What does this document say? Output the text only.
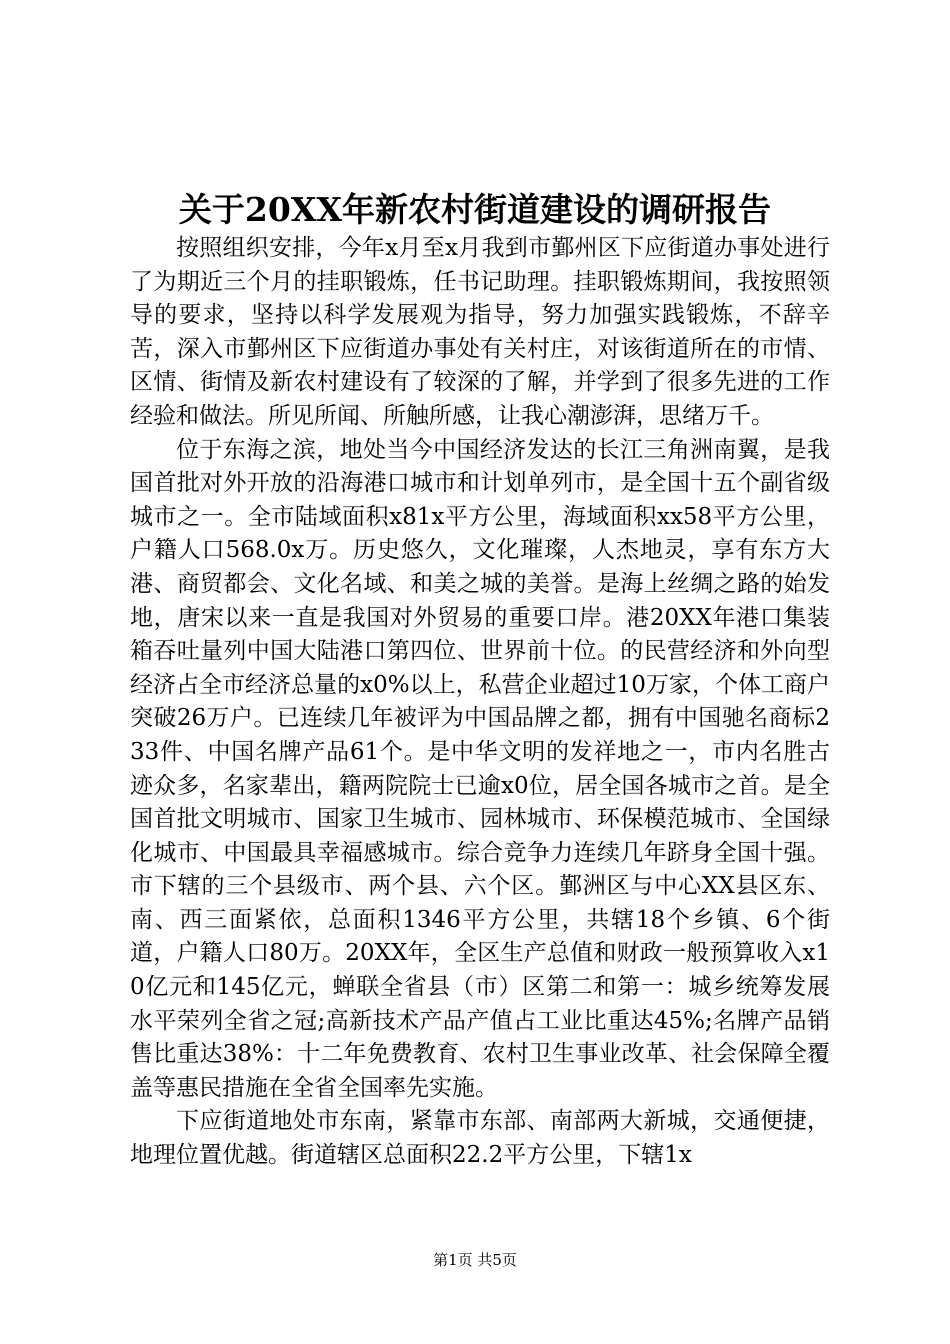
关于20XX年新农村街道建设的调研报告

按照组织安排，今年x月至x月我到市鄞州区下应街道办事处进行了为期近三个月的挂职锻炼，任书记助理。挂职锻炼期间，我按照领导的要求，坚持以科学发展观为指导，努力加强实践锻炼，不辞辛苦，深入市鄞州区下应街道办事处有关村庄，对该街道所在的市情、区情、街情及新农村建设有了较深的了解，并学到了很多先进的工作经验和做法。所见所闻、所触所感，让我心潮澎湃，思绪万千。

位于东海之滨，地处当今中国经济发达的长江三角洲南翼，是我国首批对外开放的沿海港口城市和计划单列市，是全国十五个副省级城市之一。全市陆域面积x81x平方公里，海域面积xx58平方公里，户籍人口568.0x万。历史悠久，文化璀璨，人杰地灵，享有东方大港、商贸都会、文化名域、和美之城的美誉。是海上丝绸之路的始发地，唐宋以来一直是我国对外贸易的重要口岸。港20XX年港口集装箱吞吐量列中国大陆港口第四位、世界前十位。的民营经济和外向型经济占全市经济总量的x0%以上，私营企业超过10万家，个体工商户突破26万户。已连续几年被评为中国品牌之都，拥有中国驰名商标233件、中国名牌产品61个。是中华文明的发祥地之一，市内名胜古迹众多，名家辈出，籍两院院士已逾x0位，居全国各城市之首。是全国首批文明城市、国家卫生城市、园林城市、环保模范城市、全国绿化城市、中国最具幸福感城市。综合竞争力连续几年跻身全国十强。市下辖的三个县级市、两个县、六个区。鄞洲区与中心XX县区东、南、西三面紧依，总面积1346平方公里，共辖18个乡镇、6个街道，户籍人口80万。20XX年，全区生产总值和财政一般预算收入x10亿元和145亿元，蝉联全省县（市）区第二和第一：城乡统筹发展水平荣列全省之冠;高新技术产品产值占工业比重达45%;名牌产品销售比重达38%：十二年免费教育、农村卫生事业改革、社会保障全覆盖等惠民措施在全省全国率先实施。

下应街道地处市东南，紧靠市东部、南部两大新城，交通便捷，地理位置优越。街道辖区总面积22.2平方公里，下辖1x

第1页 共5页
